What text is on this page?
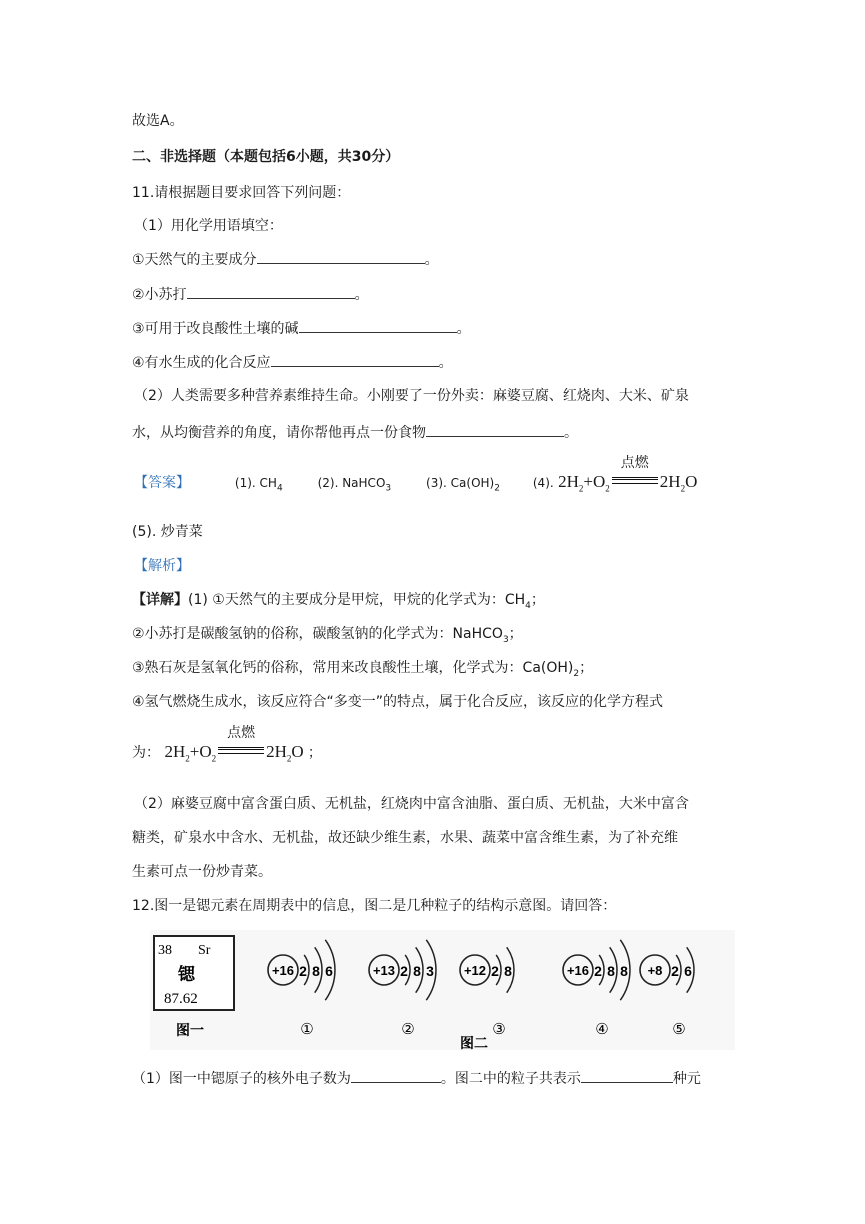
故选A。
二、非选择题（本题包括6小题，共30分）
11.请根据题目要求回答下列问题：
（1）用化学用语填空：
①天然气的主要成分	。
②小苏打	。
③可用于改良酸性土壤的碱	。
④有水生成的化合反应	。
（2）人类需要多种营养素维持生命。小刚要了一份外卖：麻婆豆腐、红烧肉、大米、矿泉
水，从均衡营养的角度，请你帮他再点一份食物	。
【答案】	(1). $CH_4$	(2). NaHCO$_3$	(3). $Ca(OH)_2$	(4). $2H_2+O_2$
点燃
$2H_2O$
(5). 炒青菜
【解析】
【详解】(1) ①天然气的主要成分是甲烷，甲烷的化学式为：$CH_4$；
②小苏打是碳酸氢钠的俗称，碳酸氢钠的化学式为：NaHCO$_3$；
③熟石灰是氢氧化钙的俗称，常用来改良酸性土壤，化学式为：$Ca(OH)_2$；
④氢气燃烧生成水，该反应符合“多变一”的特点，属于化合反应，该反应的化学方程式
为： $2H_2+O_2$
点燃
$2H_2O$ ；
（2）麻婆豆腐中富含蛋白质、无机盐，红烧肉中富含油脂、蛋白质、无机盐，大米中富含
糖类，矿泉水中含水、无机盐，故还缺少维生素，水果、蔬菜中富含维生素，为了补充维
生素可点一份炒青菜。
12.图一是锶元素在周期表中的信息，图二是几种粒子的结构示意图。请回答：
38 Sr
锶
87.62
图一
图二
+16 2 8 6
①
+13 2 8 3
②
+12 2 8
③
+16 2 8 8
④
+8 2 6
⑤
（1）图一中锶原子的核外电子数为	。图二中的粒子共表示	种元
